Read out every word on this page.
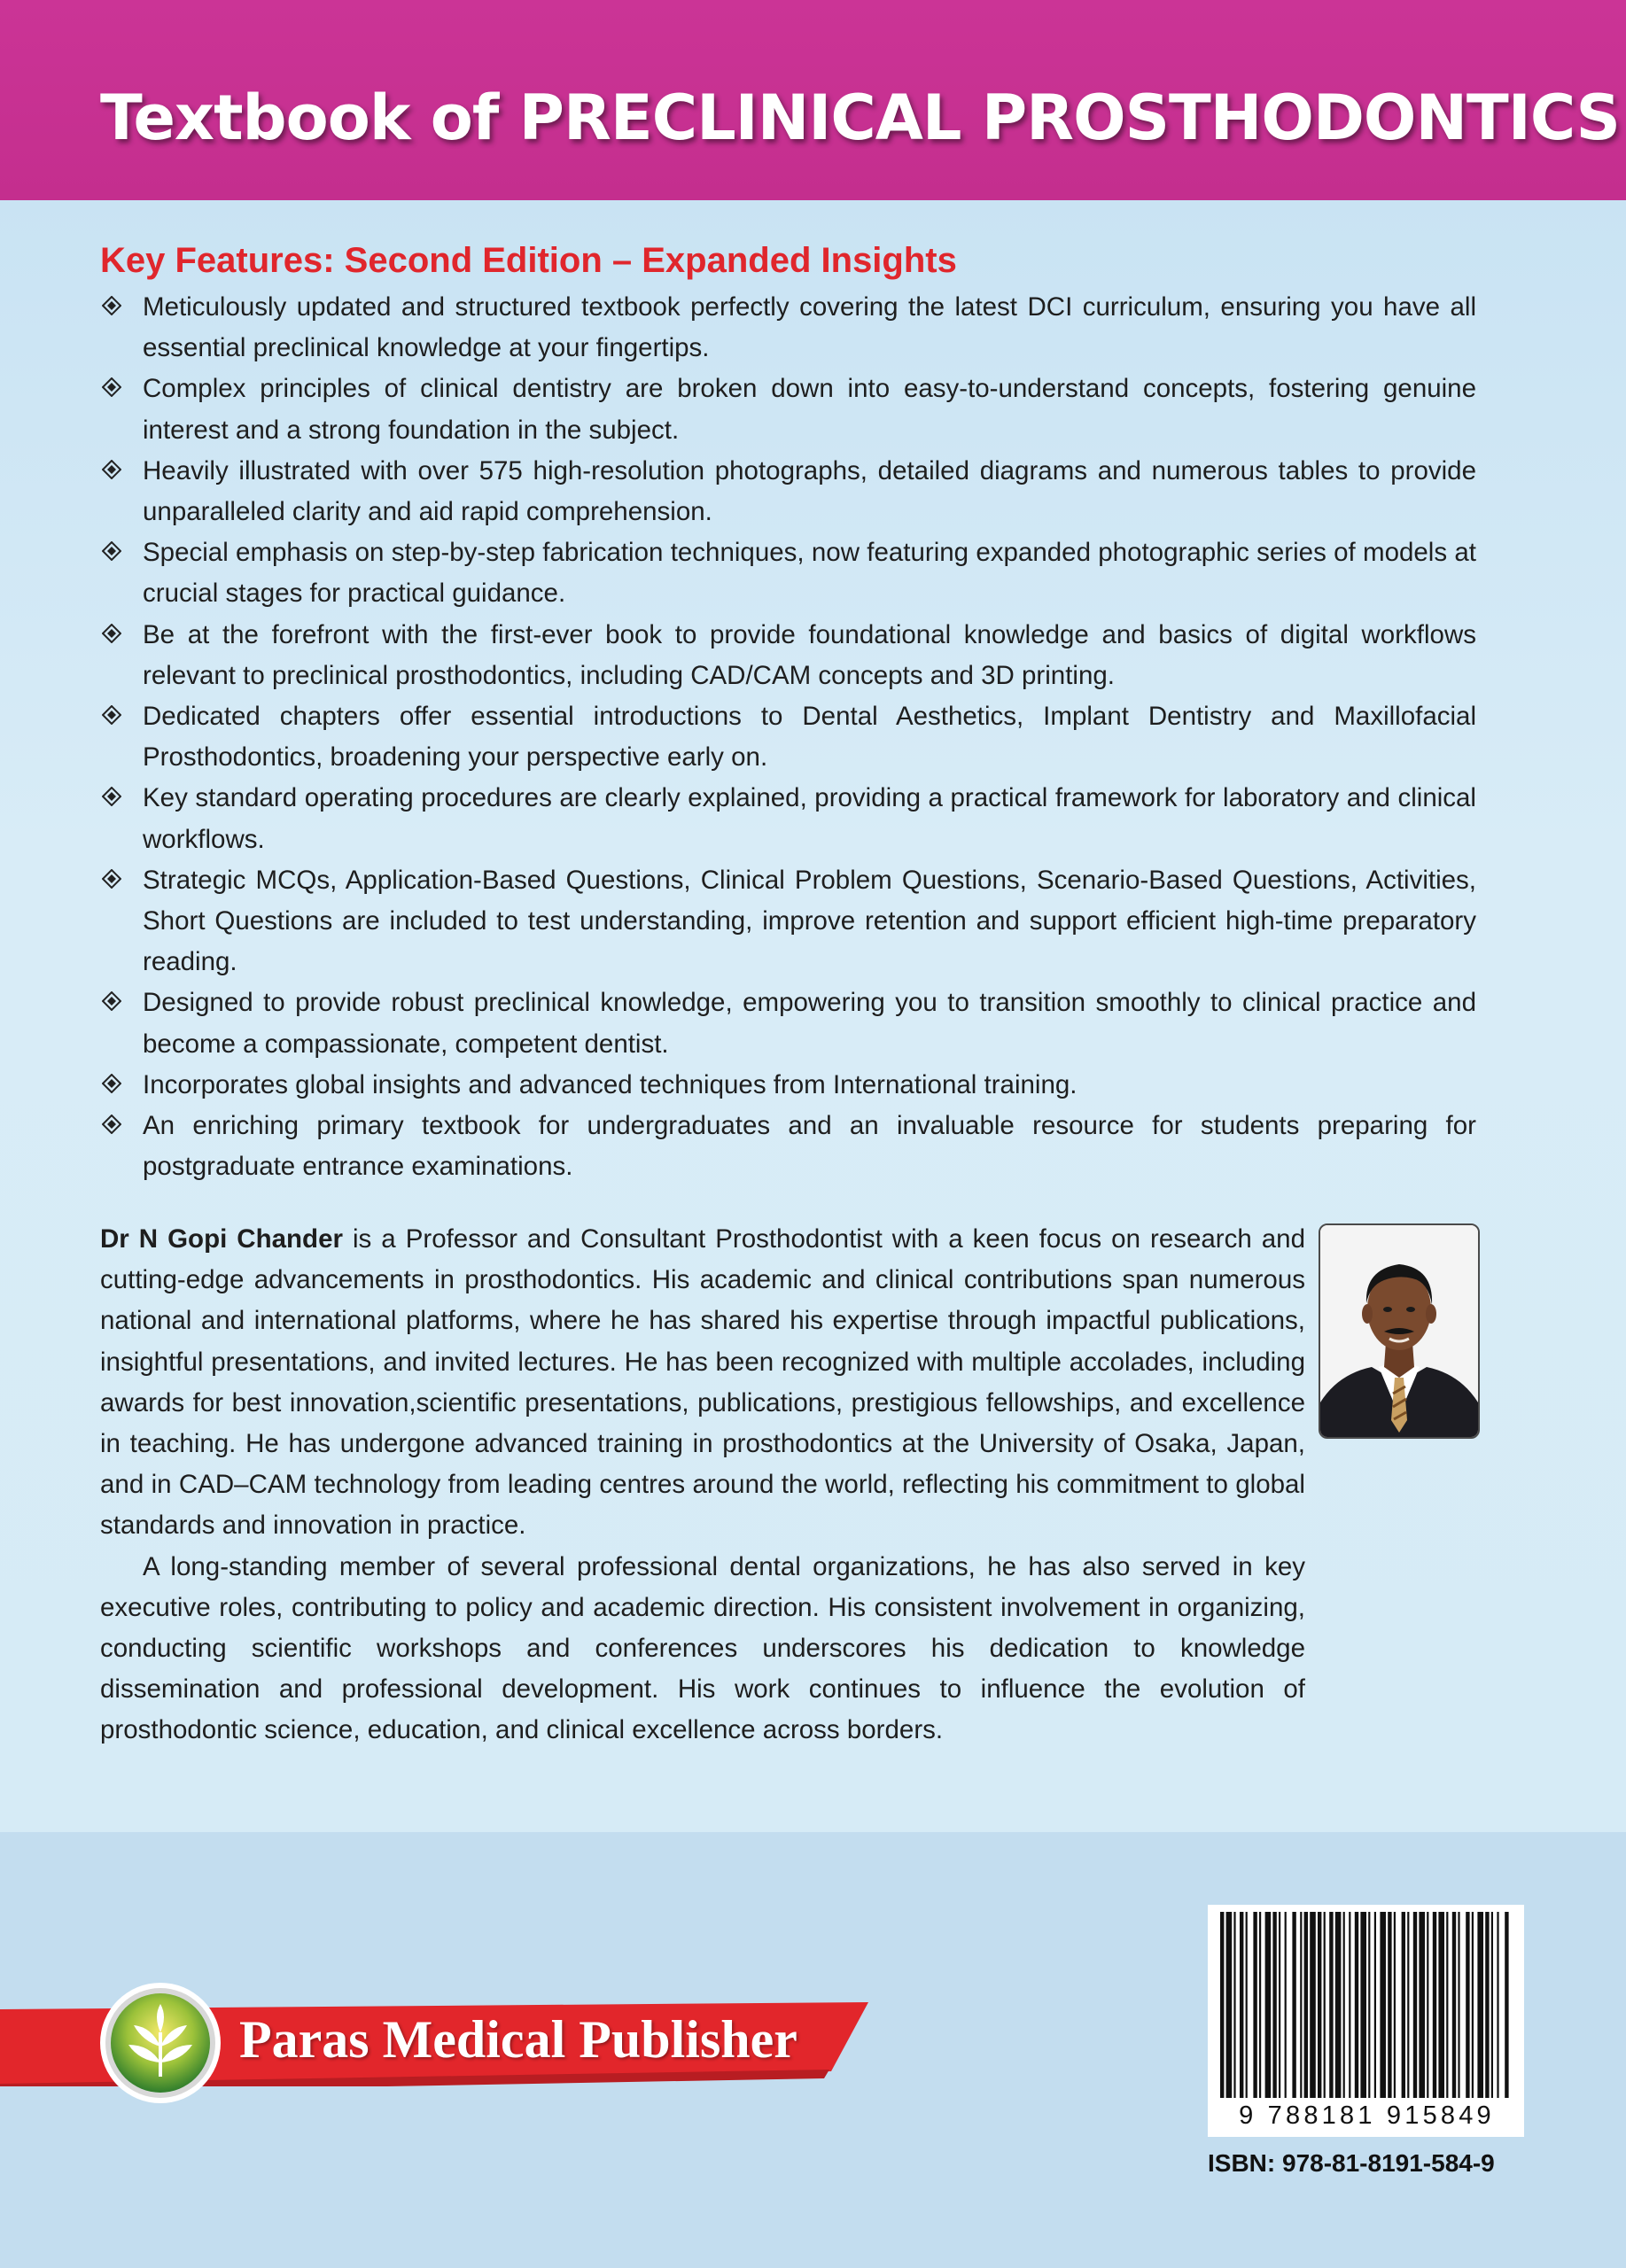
Textbook of PRECLINICAL PROSTHODONTICS
Key Features: Second Edition – Expanded Insights
Meticulously updated and structured textbook perfectly covering the latest DCI curriculum, ensuring you have all essential preclinical knowledge at your fingertips.
Complex principles of clinical dentistry are broken down into easy-to-understand concepts, fostering genuine interest and a strong foundation in the subject.
Heavily illustrated with over 575 high-resolution photographs, detailed diagrams and numerous tables to provide unparalleled clarity and aid rapid comprehension.
Special emphasis on step-by-step fabrication techniques, now featuring expanded photographic series of models at crucial stages for practical guidance.
Be at the forefront with the first-ever book to provide foundational knowledge and basics of digital workflows relevant to preclinical prosthodontics, including CAD/CAM concepts and 3D printing.
Dedicated chapters offer essential introductions to Dental Aesthetics, Implant Dentistry and Maxillofacial Prosthodontics, broadening your perspective early on.
Key standard operating procedures are clearly explained, providing a practical framework for laboratory and clinical workflows.
Strategic MCQs, Application-Based Questions, Clinical Problem Questions, Scenario-Based Questions, Activities, Short Questions are included to test understanding, improve retention and support efficient high-time preparatory reading.
Designed to provide robust preclinical knowledge, empowering you to transition smoothly to clinical practice and become a compassionate, competent dentist.
Incorporates global insights and advanced techniques from International training.
An enriching primary textbook for undergraduates and an invaluable resource for students preparing for postgraduate entrance examinations.

Dr N Gopi Chander is a Professor and Consultant Prosthodontist with a keen focus on research and cutting-edge advancements in prosthodontics. His academic and clinical contributions span numerous national and international platforms, where he has shared his expertise through impactful publications, insightful presentations, and invited lectures. He has been recognized with multiple accolades, including awards for best innovation,scientific presentations, publications, prestigious fellowships, and excellence in teaching. He has undergone advanced training in prosthodontics at the University of Osaka, Japan, and in CAD–CAM technology from leading centres around the world, reflecting his commitment to global standards and innovation in practice.

A long-standing member of several professional dental organizations, he has also served in key executive roles, contributing to policy and academic direction. His consistent involvement in organizing, conducting scientific workshops and conferences underscores his dedication to knowledge dissemination and professional development. His work continues to influence the evolution of prosthodontic science, education, and clinical excellence across borders.

Paras Medical Publisher
9 788181 915849
ISBN: 978-81-8191-584-9
